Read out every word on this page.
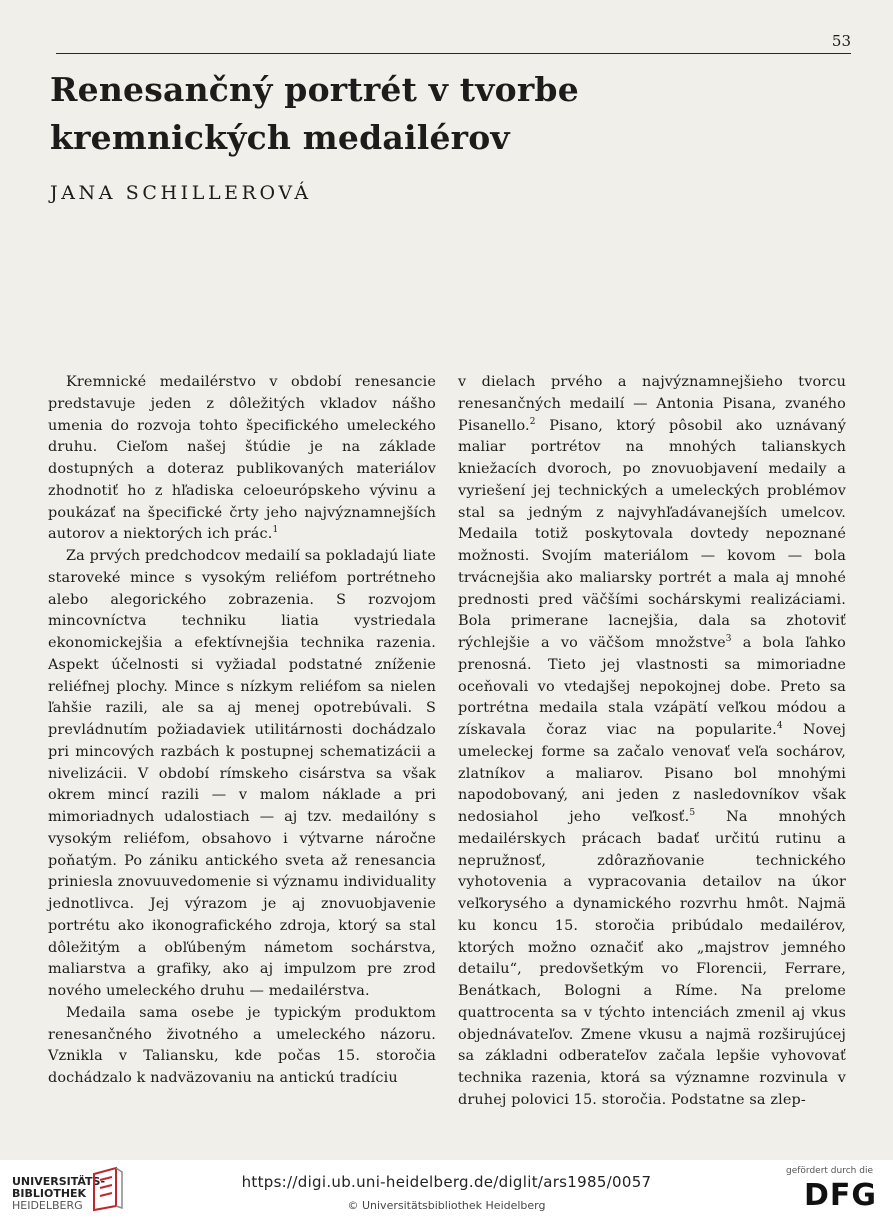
53
Renesančný portrét v tvorbe
kremnických medailérov
JANA SCHILLEROVÁ

Kremnické medailérstvo v období renesancie predstavuje jeden z dôležitých vkladov nášho umenia do rozvoja tohto špecifického umeleckého druhu. Cieľom našej štúdie je na základe dostupných a doteraz publikovaných materiálov zhodnotiť ho z hľadiska celoeurópskeho vývinu a poukázať na špecifické črty jeho najvýznamnejších autorov a niektorých ich prác.$^1$

Za prvých predchodcov medailí sa pokladajú liate staroveké mince s vysokým reliéfom portrétneho alebo alegorického zobrazenia. S rozvojom mincovníctva techniku liatia vystriedala ekonomickejšia a efektívnejšia technika razenia. Aspekt účelnosti si vyžiadal podstatné zníženie reliéfnej plochy. Mince s nízkym reliéfom sa nielen ľahšie razili, ale sa aj menej opotrebúvali. S prevládnutím požiadaviek utilitárnosti dochádzalo pri mincových razbách k postupnej schematizácii a nivelizácii. V období rímskeho cisárstva sa však okrem mincí razili — v malom náklade a pri mimoriadnych udalostiach — aj tzv. medailóny s vysokým reliéfom, obsahovo i výtvarne náročne poňatým. Po zániku antického sveta až renesancia priniesla znovuuvedomenie si významu individuality jednotlivca. Jej výrazom je aj znovuobjavenie portrétu ako ikonografického zdroja, ktorý sa stal dôležitým a obľúbeným námetom sochárstva, maliarstva a grafiky, ako aj impulzom pre zrod nového umeleckého druhu — medailérstva.

Medaila sama osebe je typickým produktom renesančného životného a umeleckého názoru. Vznikla v Taliansku, kde počas 15. storočia dochádzalo k nadväzovaniu na antickú tradíciu

v dielach prvého a najvýznamnejšieho tvorcu renesančných medailí — Antonia Pisana, zvaného Pisanello.$^2$ Pisano, ktorý pôsobil ako uznávaný maliar portrétov na mnohých talianskych kniežacích dvoroch, po znovuobjavení medaily a vyriešení jej technických a umeleckých problémov stal sa jedným z najvyhľadávanejších umelcov. Medaila totiž poskytovala dovtedy nepoznané možnosti. Svojím materiálom — kovom — bola trvácnejšia ako maliarsky portrét a mala aj mnohé prednosti pred väčšími sochárskymi realizáciami. Bola primerane lacnejšia, dala sa zhotoviť rýchlejšie a vo väčšom množstve$^3$ a bola ľahko prenosná. Tieto jej vlastnosti sa mimoriadne oceňovali vo vtedajšej nepokojnej dobe. Preto sa portrétna medaila stala vzápätí veľkou módou a získavala čoraz viac na popularite.$^4$ Novej umeleckej forme sa začalo venovať veľa sochárov, zlatníkov a maliarov. Pisano bol mnohými napodobovaný, ani jeden z nasledovníkov však nedosiahol jeho veľkosť.$^5$ Na mnohých medailérskych prácach badať určitú rutinu a nepružnosť, zdôrazňovanie technického vyhotovenia a vypracovania detailov na úkor veľkorysého a dynamického rozvrhu hmôt. Najmä ku koncu 15. storočia pribúdalo medailérov, ktorých možno označiť ako „majstrov jemného detailu“, predovšetkým vo Florencii, Ferrare, Benátkach, Bologni a Ríme. Na prelome quattrocenta sa v týchto intenciách zmenil aj vkus objednávateľov. Zmene vkusu a najmä rozširujúcej sa základni odberateľov začala lepšie vyhovovať technika razenia, ktorá sa významne rozvinula v druhej polovici 15. storočia. Podstatne sa zlep-

UNIVERSITÄTS-
BIBLIOTHEK
HEIDELBERG
https://digi.ub.uni-heidelberg.de/diglit/ars1985/0057
© Universitätsbibliothek Heidelberg
gefördert durch die
DFG
